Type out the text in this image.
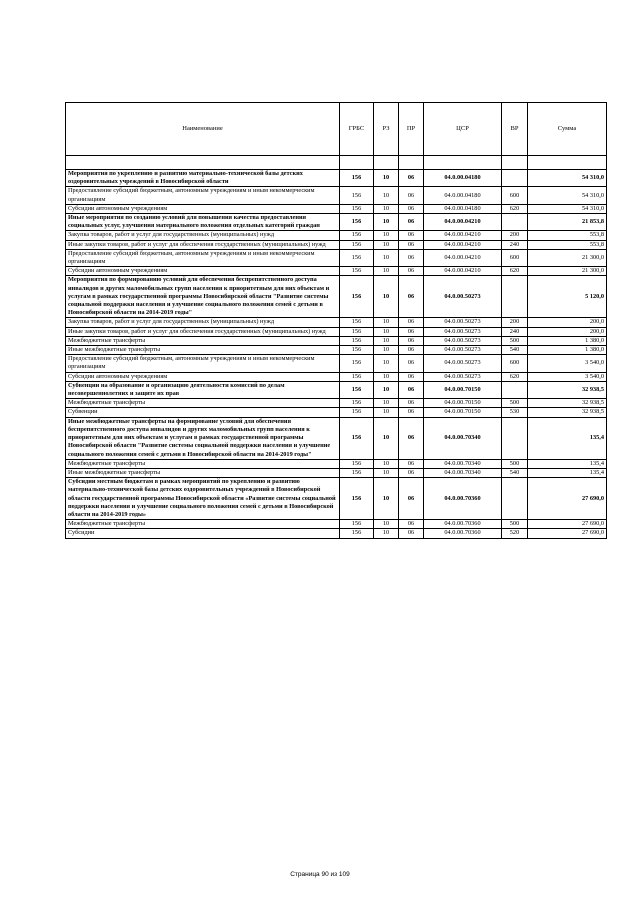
Наименование	ГРБС	РЗ	ПР	ЦСР	ВР	Сумма

Мероприятия по укреплению и развитию материально-технической базы детских оздоровительных учреждений в Новосибирской области	156	10	06	04.0.00.04180		54 310,0
Предоставление субсидий бюджетным, автономным учреждениям и иным некоммерческим организациям	156	10	06	04.0.00.04180	600	54 310,0
Субсидии автономным учреждениям	156	10	06	04.0.00.04180	620	54 310,0
Иные мероприятия по созданию условий для повышения качества предоставления социальных услуг, улучшения материального положения отдельных категорий граждан	156	10	06	04.0.00.04210		21 853,8
Закупка товаров, работ и услуг для государственных (муниципальных) нужд	156	10	06	04.0.00.04210	200	553,8
Иные закупки товаров, работ и услуг для обеспечения государственных (муниципальных) нужд	156	10	06	04.0.00.04210	240	553,8
Предоставление субсидий бюджетным, автономным учреждениям и иным некоммерческим организациям	156	10	06	04.0.00.04210	600	21 300,0
Субсидии автономным учреждениям	156	10	06	04.0.00.04210	620	21 300,0
Мероприятия по формированию условий для обеспечения беспрепятственного доступа инвалидов и других маломобильных групп населения к приоритетным для них объектам и услугам в рамках государственной программы Новосибирской области "Развитие системы социальной поддержки населения и улучшение социального положения семей с детьми в Новосибирской области на 2014-2019 годы"	156	10	06	04.0.00.50273		5 120,0
Закупка товаров, работ и услуг для государственных (муниципальных) нужд	156	10	06	04.0.00.50273	200	200,0
Иные закупки товаров, работ и услуг для обеспечения государственных (муниципальных) нужд	156	10	06	04.0.00.50273	240	200,0
Межбюджетные трансферты	156	10	06	04.0.00.50273	500	1 380,0
Иные межбюджетные трансферты	156	10	06	04.0.00.50273	540	1 380,0
Предоставление субсидий бюджетным, автономным учреждениям и иным некоммерческим организациям	156	10	06	04.0.00.50273	600	3 540,0
Субсидии автономным учреждениям	156	10	06	04.0.00.50273	620	3 540,0
Субвенции на образование и организацию деятельности комиссий по делам несовершеннолетних и защите их прав	156	10	06	04.0.00.70150		32 938,5
Межбюджетные трансферты	156	10	06	04.0.00.70150	500	32 938,5
Субвенции	156	10	06	04.0.00.70150	530	32 938,5
Иные межбюджетные трансферты на формирование условий для обеспечения беспрепятственного доступа инвалидов и других маломобильных групп населения к приоритетным для них объектам и услугам в рамках государственной программы Новосибирской области "Развитие системы социальной поддержки населения и улучшение социального положения семей с детьми в Новосибирской области на 2014-2019 годы"	156	10	06	04.0.00.70340		135,4
Межбюджетные трансферты	156	10	06	04.0.00.70340	500	135,4
Иные межбюджетные трансферты	156	10	06	04.0.00.70340	540	135,4
Субсидии местным бюджетам в рамках мероприятий по укреплению и развитию материально-технической базы детских оздоровительных учреждений в Новосибирской области государственной программы Новосибирской области «Развитие системы социальной поддержки населения и улучшение социального положения семей с детьми в Новосибирской области на 2014-2019 годы»	156	10	06	04.0.00.70360		27 690,0
Межбюджетные трансферты	156	10	06	04.0.00.70360	500	27 690,0
Субсидии	156	10	06	04.0.00.70360	520	27 690,0
Страница 90 из 109
